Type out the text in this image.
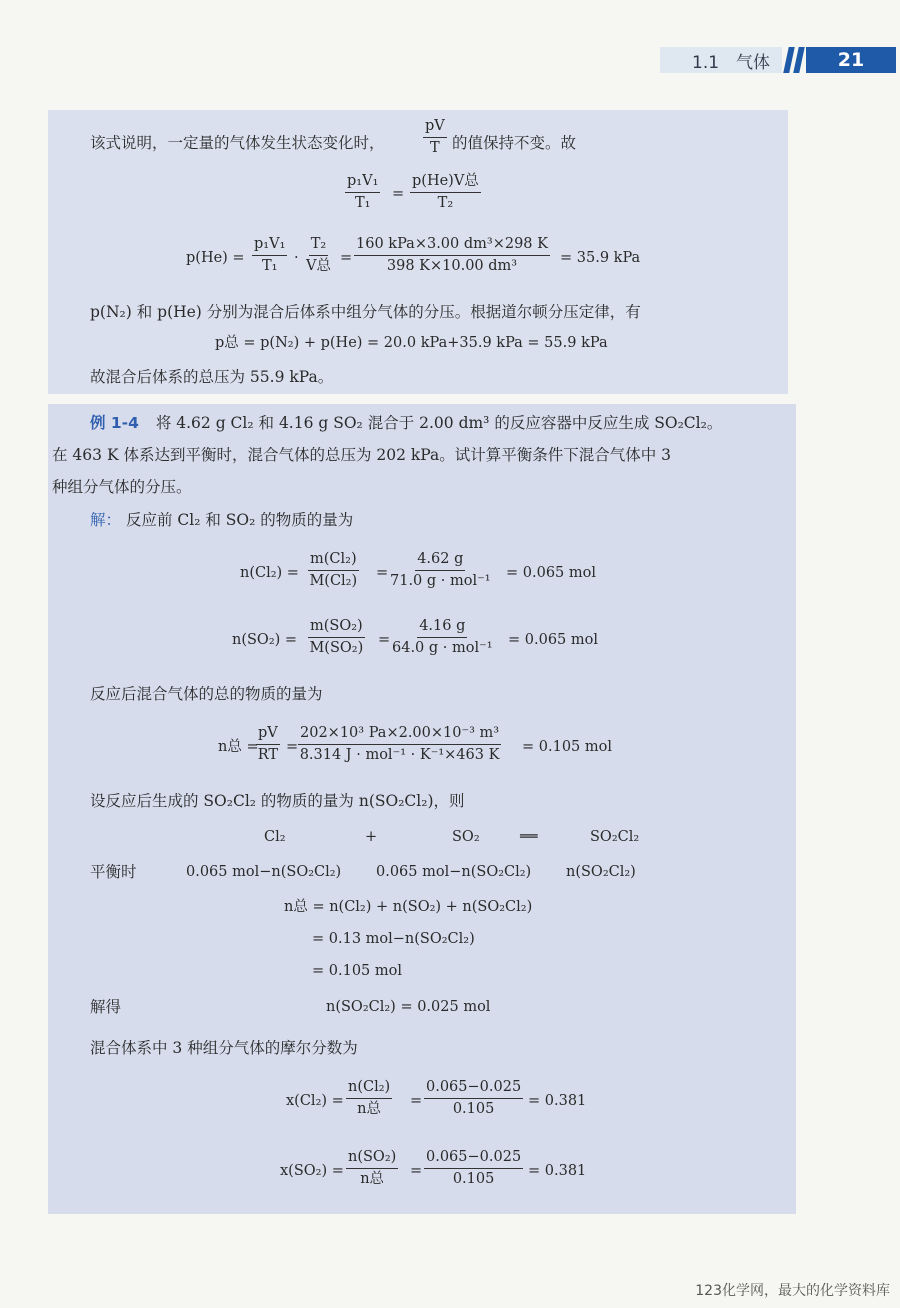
1.1　气体	21
该式说明，一定量的气体发生状态变化时，	$\frac{pV}{T}$ 的值保持不变。故
$\frac{\text{p₁V₁}}{\text{T₁}}$ =
p(He)V总
T₂
$p(He) = \frac{\text{p₁V₁}}{\text{T₁}}$ ·
T₂
V总 =
160 kPa×3.00 dm³×298 K
398 K×10.00 dm³	= 35.9 kPa
p(N₂) 和 p(He) 分别为混合后体系中组分气体的分压。根据道尔顿分压定律，有
p总 = p(N₂) + p(He) = 20.0 kPa+35.9 kPa = 55.9 kPa
故混合后体系的总压为 55.9 kPa。
例 1-4 将 4.62 g Cl₂ 和 4.16 g SO₂ 混合于 2.00 dm³ 的反应容器中反应生成 SO₂Cl₂。
在 463 K 体系达到平衡时，混合气体的总压为 202 kPa。试计算平衡条件下混合气体中 3
种组分气体的分压。
解： 反应前 Cl₂ 和 SO₂ 的物质的量为
$n(Cl_2) = \frac{\text{m(Cl₂)}}{\text{M(Cl₂)}}$ =
4.62 g
71.0 g · mol⁻¹ = 0.065 mol
$n(SO_2) = \frac{\text{m(SO₂)}}{\text{M(SO₂)}}$ =
4.16 g
64.0 g · mol⁻¹ = 0.065 mol
反应后混合气体的总的物质的量为
n总 =
$\frac{pV}{RT}$ =
202×10³ Pa×2.00×10⁻³ m³
8.314 J · mol⁻¹ · K⁻¹×463 K = 0.105 mol
设反应后生成的 SO₂Cl₂ 的物质的量为 n(SO₂Cl₂)，则
Cl₂	+	SO₂	══	SO₂Cl₂
平衡时	0.065 mol−n(SO₂Cl₂) 0.065 mol−n(SO₂Cl₂) n(SO₂Cl₂)
n总 = n(Cl₂) + n(SO₂) + n(SO₂Cl₂)
= 0.13 mol−n(SO₂Cl₂)
= 0.105 mol
解得	n(SO₂Cl₂) = 0.025 mol
混合体系中 3 种组分气体的摩尔分数为
x(Cl₂) =
n(Cl₂)
n总 = $\frac{0.065-0.025}{0.105} = 0.381$
x(SO₂) =
n(SO₂)
n总 = $\frac{0.065-0.025}{0.105} = 0.381$
123化学网，最大的化学资料库
